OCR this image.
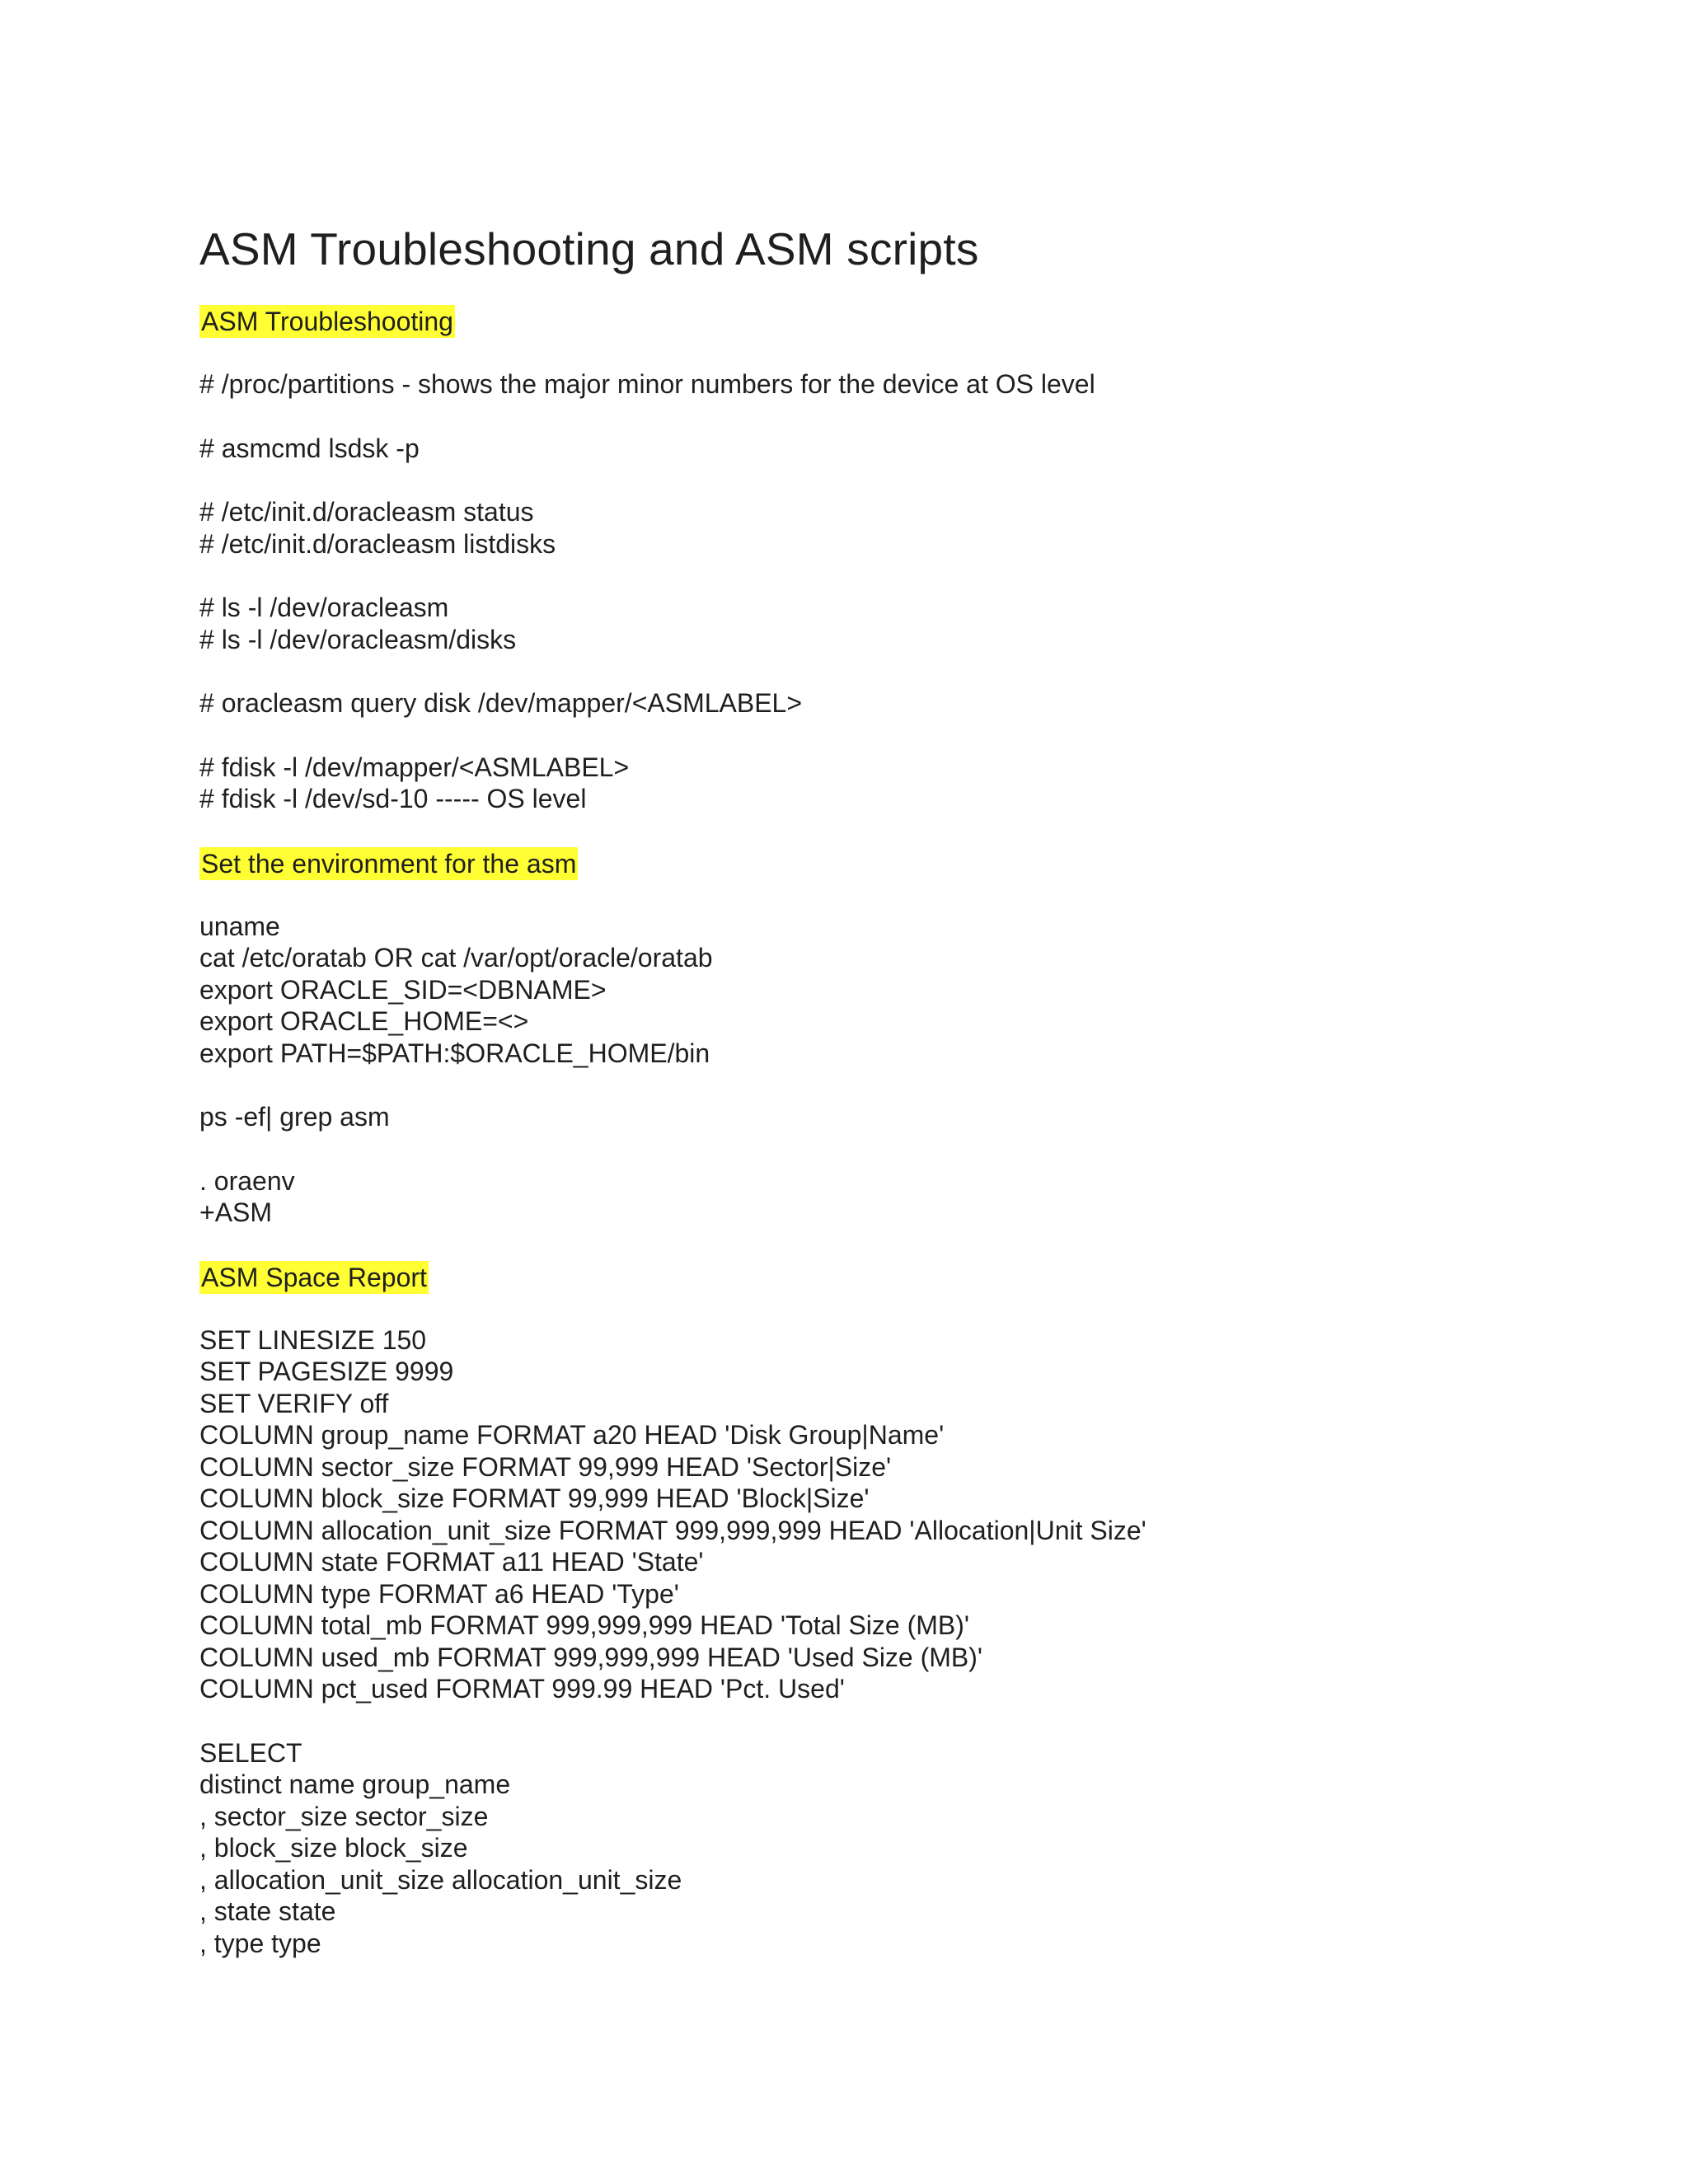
ASM Troubleshooting and ASM scripts
ASM Troubleshooting
# /proc/partitions - shows the major minor numbers for the device at OS level
# asmcmd lsdsk -p
# /etc/init.d/oracleasm status
# /etc/init.d/oracleasm listdisks
# ls -l /dev/oracleasm
# ls -l /dev/oracleasm/disks
# oracleasm query disk /dev/mapper/<ASMLABEL>
# fdisk -l /dev/mapper/<ASMLABEL>
# fdisk -l /dev/sd-10 ----- OS level
Set the environment for the asm
uname
cat /etc/oratab OR cat /var/opt/oracle/oratab
export ORACLE_SID=<DBNAME>
export ORACLE_HOME=<>
export PATH=$PATH:$ORACLE_HOME/bin
ps -ef| grep asm
. oraenv
+ASM
ASM Space Report
SET LINESIZE 150
SET PAGESIZE 9999
SET VERIFY off
COLUMN group_name FORMAT a20 HEAD 'Disk Group|Name'
COLUMN sector_size FORMAT 99,999 HEAD 'Sector|Size'
COLUMN block_size FORMAT 99,999 HEAD 'Block|Size'
COLUMN allocation_unit_size FORMAT 999,999,999 HEAD 'Allocation|Unit Size'
COLUMN state FORMAT a11 HEAD 'State'
COLUMN type FORMAT a6 HEAD 'Type'
COLUMN total_mb FORMAT 999,999,999 HEAD 'Total Size (MB)'
COLUMN used_mb FORMAT 999,999,999 HEAD 'Used Size (MB)'
COLUMN pct_used FORMAT 999.99 HEAD 'Pct. Used'
SELECT
distinct name group_name
, sector_size sector_size
, block_size block_size
, allocation_unit_size allocation_unit_size
, state state
, type type
